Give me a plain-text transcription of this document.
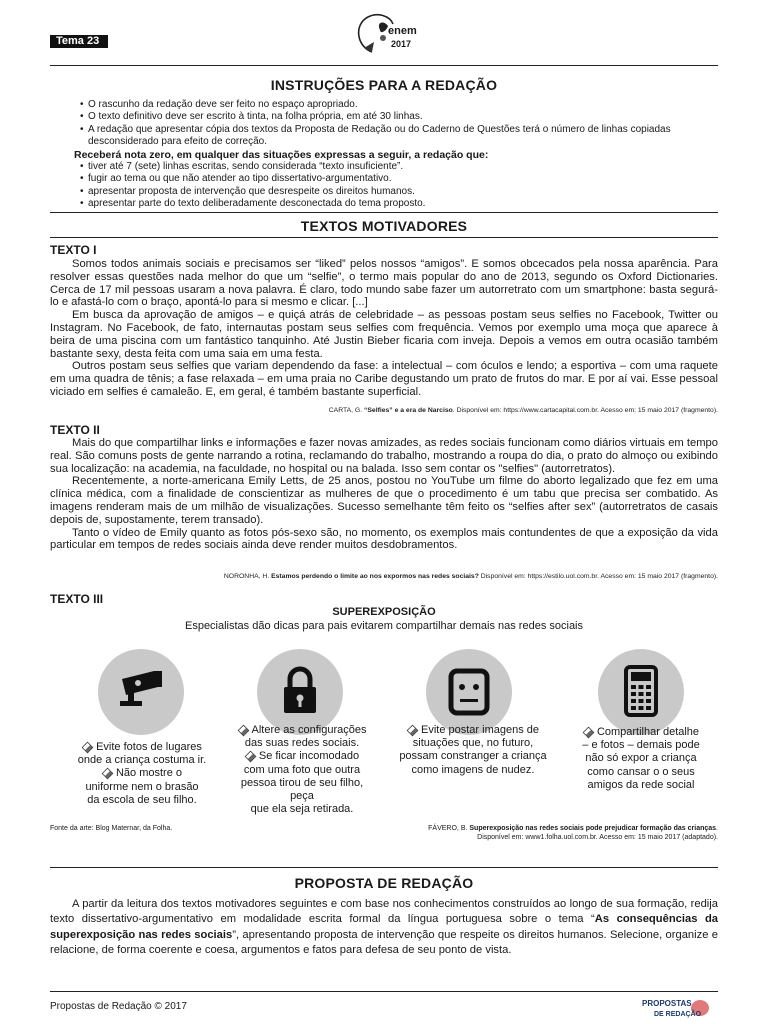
Tema 23
enem
2017
INSTRUÇÕES PARA A REDAÇÃO
• O rascunho da redação deve ser feito no espaço apropriado.
• O texto definitivo deve ser escrito à tinta, na folha própria, em até 30 linhas.
• A redação que apresentar cópia dos textos da Proposta de Redação ou do Caderno de Questões terá o número de linhas copiadas desconsiderado para efeito de correção.
Receberá nota zero, em qualquer das situações expressas a seguir, a redação que:
• tiver até 7 (sete) linhas escritas, sendo considerada “texto insuficiente”.
• fugir ao tema ou que não atender ao tipo dissertativo-argumentativo.
• apresentar proposta de intervenção que desrespeite os direitos humanos.
• apresentar parte do texto deliberadamente desconectada do tema proposto.
TEXTOS MOTIVADORES
TEXTO I

Somos todos animais sociais e precisamos ser “liked” pelos nossos “amigos”. E somos obcecados pela nossa aparência. Para resolver essas questões nada melhor do que um “selfie”, o termo mais popular do ano de 2013, segundo os Oxford Dictionaries. Cerca de 17 mil pessoas usaram a nova palavra. É claro, todo mundo sabe fazer um autorretrato com um smartphone: basta segurá-lo e afastá-lo com o braço, apontá-lo para si mesmo e clicar. [...]

Em busca da aprovação de amigos – e quiçá atrás de celebridade – as pessoas postam seus selfies no Facebook, Twitter ou Instagram. No Facebook, de fato, internautas postam seus selfies com frequência. Vemos por exemplo uma moça que aparece à beira de uma piscina com um fantástico tanquinho. Até Justin Bieber ficaria com inveja. Depois a vemos em outra ocasião também bastante sexy, desta feita com uma saia em uma festa.

Outros postam seus selfies que variam dependendo da fase: a intelectual – com óculos e lendo; a esportiva – com uma raquete em uma quadra de tênis; a fase relaxada – em uma praia no Caribe degustando um prato de frutos do mar. E por aí vai. Esse pessoal viciado em selfies é camaleão. E, em geral, é também bastante superficial.

CARTA, G. “Selfies” e a era de Narciso. Disponível em: https://www.cartacapital.com.br. Acesso em: 15 maio 2017 (fragmento).
TEXTO II

Mais do que compartilhar links e informações e fazer novas amizades, as redes sociais funcionam como diários virtuais em tempo real. São comuns posts de gente narrando a rotina, reclamando do trabalho, mostrando a roupa do dia, o prato do almoço ou exibindo sua localização: na academia, na faculdade, no hospital ou na balada. Isso sem contar os "selfies" (autorretratos).

Recentemente, a norte-americana Emily Letts, de 25 anos, postou no YouTube um filme do aborto legalizado que fez em uma clínica médica, com a finalidade de conscientizar as mulheres de que o procedimento é um tabu que precisa ser combatido. As imagens renderam mais de um milhão de visualizações. Sucesso semelhante têm feito os “selfies after sex” (autorretratos de casais depois de, supostamente, terem transado).

Tanto o vídeo de Emily quanto as fotos pós-sexo são, no momento, os exemplos mais contundentes de que a exposição da vida particular em tempos de redes sociais ainda deve render muitos desdobramentos.

NORONHA, H. Estamos perdendo o limite ao nos expormos nas redes sociais? Disponível em: https://estilo.uol.com.br. Acesso em: 15 maio 2017 (fragmento).
TEXTO III
SUPEREXPOSIÇÃO
Especialistas dão dicas para pais evitarem compartilhar demais nas redes sociais
Evite fotos de lugares
onde a criança costuma ir.
Não mostre o
uniforme nem o brasão
da escola de seu filho.
Altere as configurações
das suas redes sociais.
Se ficar incomodado
com uma foto que outra
pessoa tirou de seu filho,
peça
que ela seja retirada.
Evite postar imagens de
situações que, no futuro,
possam constranger a criança
como imagens de nudez.
Compartilhar detalhe
– e fotos – demais pode
não só expor a criança
como cansar o o seus
amigos da rede social
Fonte da arte: Blog Maternar, da Folha.	FÁVERO, B. Superexposição nas redes sociais pode prejudicar formação das crianças.
Disponível em: www1.folha.uol.com.br. Acesso em: 15 maio 2017 (adaptado).
PROPOSTA DE REDAÇÃO

A partir da leitura dos textos motivadores seguintes e com base nos conhecimentos construídos ao longo de sua formação, redija texto dissertativo-argumentativo em modalidade escrita formal da língua portuguesa sobre o tema “As consequências da superexposição nas redes sociais”, apresentando proposta de intervenção que respeite os direitos humanos. Selecione, organize e relacione, de forma coerente e coesa, argumentos e fatos para defesa de seu ponto de vista.

Propostas de Redação © 2017	PROPOSTAS
DE REDAÇÃO
